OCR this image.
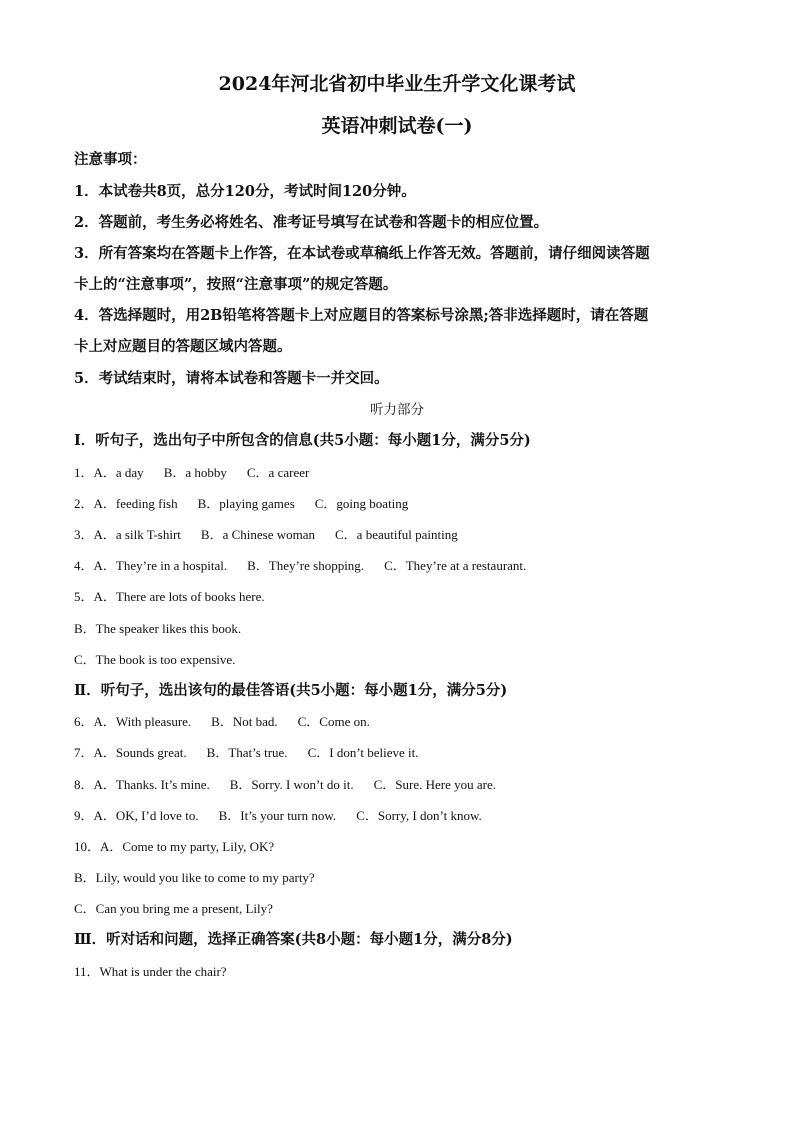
2024年河北省初中毕业生升学文化课考试
英语冲刺试卷(一)

注意事项：

1．本试卷共8页，总分120分，考试时间120分钟。

2．答题前，考生务必将姓名、准考证号填写在试卷和答题卡的相应位置。

3．所有答案均在答题卡上作答，在本试卷或草稿纸上作答无效。答题前，请仔细阅读答题

卡上的“注意事项”，按照“注意事项”的规定答题。

4．答选择题时，用2B铅笔将答题卡上对应题目的答案标号涂黑;答非选择题时，请在答题

卡上对应题目的答题区域内答题。

5．考试结束时，请将本试卷和答题卡一并交回。

听力部分

Ⅰ．听句子，选出句子中所包含的信息(共5小题：每小题1分，满分5分)

1．A．a day B．a hobby C．a career

2．A．feeding fish B．playing games C．going boating

3．A．a silk T-shirt B．a Chinese woman C．a beautiful painting

4．A．They’re in a hospital. B．They’re shopping. C．They’re at a restaurant.

5．A．There are lots of books here.

B．The speaker likes this book.

C．The book is too expensive.

Ⅱ．听句子，选出该句的最佳答语(共5小题：每小题1分，满分5分)

6．A．With pleasure. B．Not bad. C．Come on.

7．A．Sounds great. B．That’s true. C．I don’t believe it.

8．A．Thanks. It’s mine. B．Sorry. I won’t do it. C．Sure. Here you are.

9．A．OK, I’d love to. B．It’s your turn now. C．Sorry, I don’t know.

10．A．Come to my party, Lily, OK?

B．Lily, would you like to come to my party?

C．Can you bring me a present, Lily?

Ⅲ．听对话和问题，选择正确答案(共8小题：每小题1分，满分8分)

11．What is under the chair?
